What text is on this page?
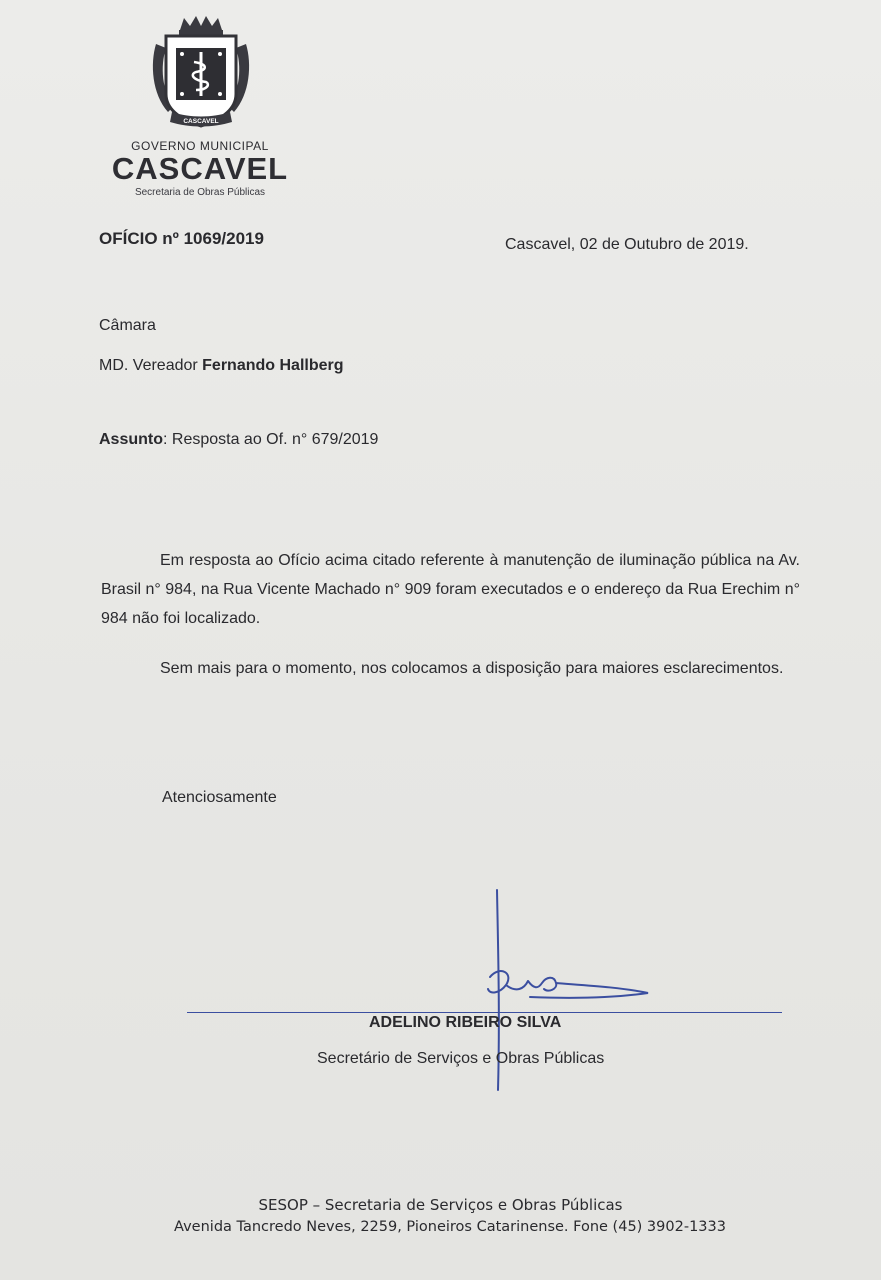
CASCAVEL
GOVERNO MUNICIPAL
CASCAVEL
Secretaria de Obras Públicas
OFÍCIO nº 1069/2019	Cascavel, 02 de Outubro de 2019.
Câmara
MD. Vereador Fernando Hallberg
Assunto: Resposta ao Of. n° 679/2019
Em resposta ao Ofício acima citado referente à manutenção de iluminação pública na Av. Brasil n° 984, na Rua Vicente Machado n° 909 foram executados e o endereço da Rua Erechim n° 984 não foi localizado.
Sem mais para o momento, nos colocamos a disposição para maiores esclarecimentos.
Atenciosamente
ADELINO RIBEIRO SILVA
Secretário de Serviços e Obras Públicas
SESOP – Secretaria de Serviços e Obras Públicas
Avenida Tancredo Neves, 2259, Pioneiros Catarinense. Fone (45) 3902-1333
